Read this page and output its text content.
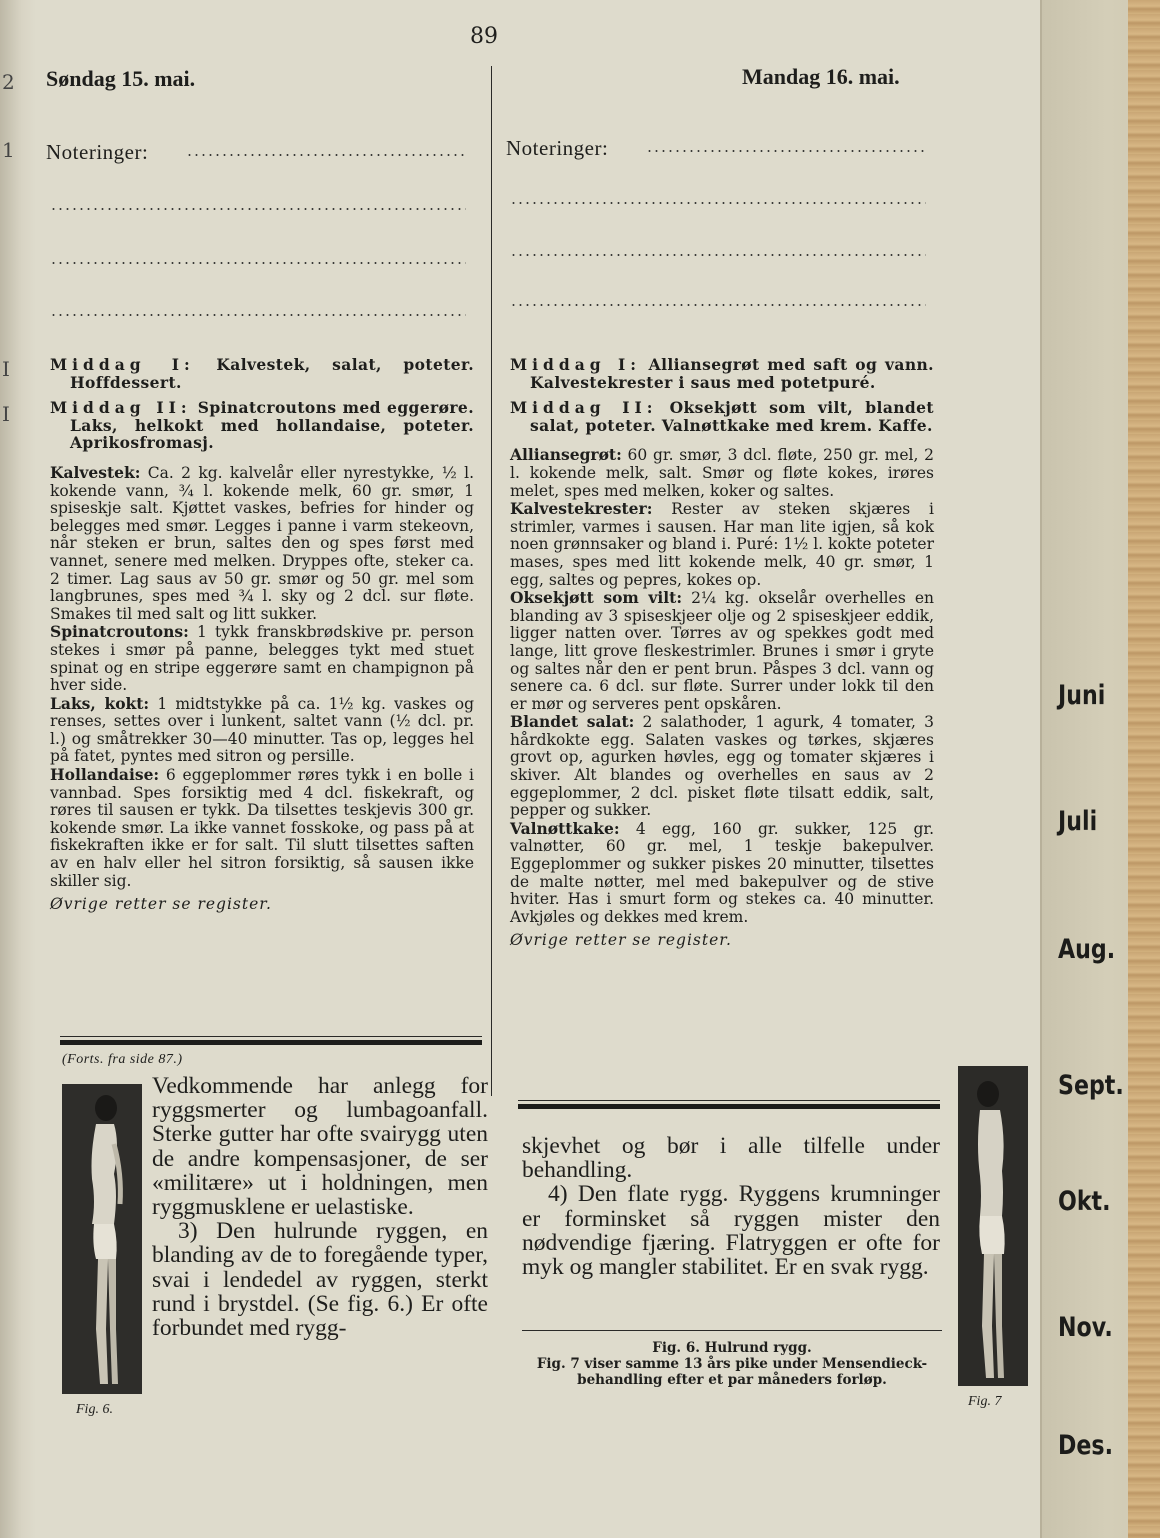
2
1
I
I
Juni
Juli
Aug.
Sept.
Okt.
Nov.
Des.
89
Søndag 15. mai.
Noteringer:
Mandag 16. mai.
Noteringer:

Middag I: Kalvestek, salat, poteter. Hoffdessert.

Middag II: Spinatcroutons med eggerøre. Laks, helkokt med hollandaise, poteter. Aprikosfromasj.

Kalvestek: Ca. 2 kg. kalvelår eller nyrestykke, ½ l. kokende vann, ¾ l. kokende melk, 60 gr. smør, 1 spiseskje salt. Kjøttet vaskes, befries for hinder og belegges med smør. Legges i panne i varm stekeovn, når steken er brun, saltes den og spes først med vannet, senere med melken. Dryppes ofte, steker ca. 2 timer. Lag saus av 50 gr. smør og 50 gr. mel som langbrunes, spes med ¾ l. sky og 2 dcl. sur fløte. Smakes til med salt og litt sukker.

Spinatcroutons: 1 tykk franskbrødskive pr. person stekes i smør på panne, belegges tykt med stuet spinat og en stripe eggerøre samt en champignon på hver side.

Laks, kokt: 1 midtstykke på ca. 1½ kg. vaskes og renses, settes over i lunkent, saltet vann (½ dcl. pr. l.) og småtrekker 30—40 minutter. Tas op, legges hel på fatet, pyntes med sitron og persille.

Hollandaise: 6 eggeplommer røres tykk i en bolle i vannbad. Spes forsiktig med 4 dcl. fiskekraft, og røres til sausen er tykk. Da tilsettes teskjevis 300 gr. kokende smør. La ikke vannet fosskoke, og pass på at fiskekraften ikke er for salt. Til slutt tilsettes saften av en halv eller hel sitron forsiktig, så sausen ikke skiller sig.

Øvrige retter se register.

Middag I: Alliansegrøt med saft og vann. Kalvestekrester i saus med potetpuré.

Middag II: Oksekjøtt som vilt, blandet salat, poteter. Valnøttkake med krem. Kaffe.

Alliansegrøt: 60 gr. smør, 3 dcl. fløte, 250 gr. mel, 2 l. kokende melk, salt. Smør og fløte kokes, irøres melet, spes med melken, koker og saltes.

Kalvestekrester: Rester av steken skjæres i strimler, varmes i sausen. Har man lite igjen, så kok noen grønnsaker og bland i. Puré: 1½ l. kokte poteter mases, spes med litt kokende melk, 40 gr. smør, 1 egg, saltes og pepres, kokes op.

Oksekjøtt som vilt: 2¼ kg. okselår overhelles en blanding av 3 spiseskjeer olje og 2 spiseskjeer eddik, ligger natten over. Tørres av og spekkes godt med lange, litt grove fleskestrimler. Brunes i smør i gryte og saltes når den er pent brun. Påspes 3 dcl. vann og senere ca. 6 dcl. sur fløte. Surrer under lokk til den er mør og serveres pent opskåren.

Blandet salat: 2 salathoder, 1 agurk, 4 tomater, 3 hårdkokte egg. Salaten vaskes og tørkes, skjæres grovt op, agurken høvles, egg og tomater skjæres i skiver. Alt blandes og overhelles en saus av 2 eggeplommer, 2 dcl. pisket fløte tilsatt eddik, salt, pepper og sukker.

Valnøttkake: 4 egg, 160 gr. sukker, 125 gr. valnøtter, 60 gr. mel, 1 teskje bakepulver. Eggeplommer og sukker piskes 20 minutter, tilsettes de malte nøtter, mel med bakepulver og de stive hviter. Has i smurt form og stekes ca. 40 minutter. Avkjøles og dekkes med krem.

Øvrige retter se register.

(Forts. fra side 87.)
Fig. 6.

Vedkommende har anlegg for ryggsmerter og lumbagoanfall. Sterke gutter har ofte svairygg uten de andre kompensasjoner, de ser «militære» ut i holdningen, men ryggmusklene er uelastiske.

3) Den hulrunde ryggen, en blanding av de to foregående typer, svai i lendedel av ryggen, sterkt rund i brystdel. (Se fig. 6.) Er ofte forbundet med rygg-

skjevhet og bør i alle tilfelle under behandling.

4) Den flate rygg. Ryggens krumninger er forminsket så ryggen mister den nødvendige fjæring. Flatryggen er ofte for myk og mangler stabilitet. Er en svak rygg.

Fig. 6. Hulrund rygg.

Fig. 7 viser samme 13 års pike under Mensendieck-behandling efter et par måneders forløp.

Fig. 7
